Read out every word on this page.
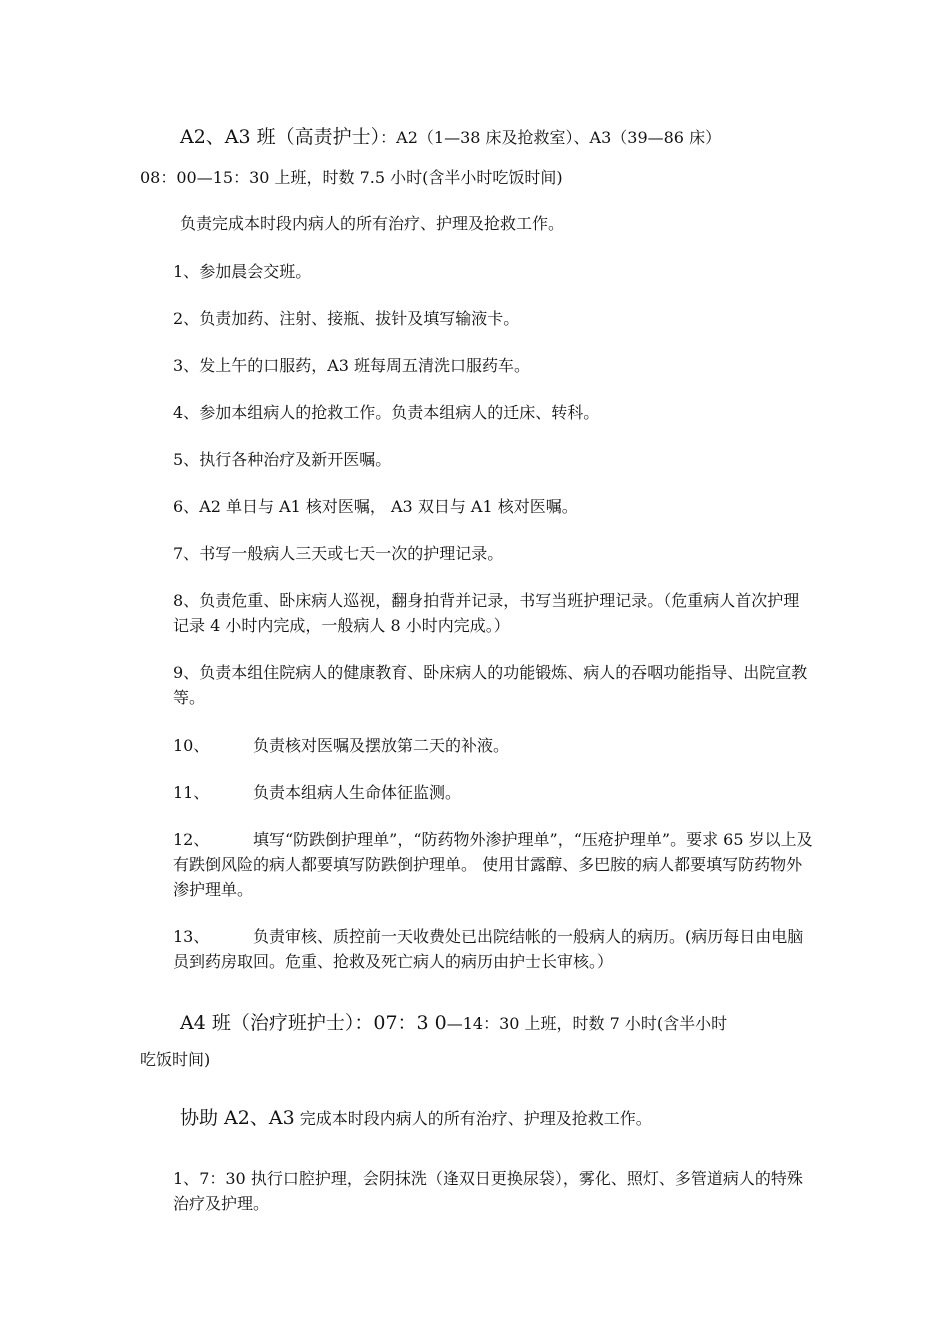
A2、A3 班（高责护士）：A2（1—38 床及抢救室）、A3（39—86 床）
08：00—15：30 上班，时数 7.5 小时(含半小时吃饭时间)
负责完成本时段内病人的所有治疗、护理及抢救工作。
1、参加晨会交班。
2、负责加药、注射、接瓶、拔针及填写输液卡。
3、发上午的口服药，A3 班每周五清洗口服药车。
4、参加本组病人的抢救工作。负责本组病人的迁床、转科。
5、执行各种治疗及新开医嘱。
6、A2 单日与 A1 核对医嘱， A3 双日与 A1 核对医嘱。
7、书写一般病人三天或七天一次的护理记录。
8、负责危重、卧床病人巡视，翻身拍背并记录，书写当班护理记录。（危重病人首次护理记录 4 小时内完成，一般病人 8 小时内完成。）
9、负责本组住院病人的健康教育、卧床病人的功能锻炼、病人的吞咽功能指导、出院宣教等。
10、	负责核对医嘱及摆放第二天的补液。
11、	负责本组病人生命体征监测。
12、	填写“防跌倒护理单”，“防药物外渗护理单”，“压疮护理单”。要求 65 岁以上及有跌倒风险的病人都要填写防跌倒护理单。 使用甘露醇、多巴胺的病人都要填写防药物外渗护理单。
13、	负责审核、质控前一天收费处已出院结帐的一般病人的病历。(病历每日由电脑员到药房取回。危重、抢救及死亡病人的病历由护士长审核。）
A4 班（治疗班护士）：07：3 0—14：30 上班，时数 7 小时(含半小时
吃饭时间)
协助 A2、A3 完成本时段内病人的所有治疗、护理及抢救工作。
1、7：30 执行口腔护理，会阴抹洗（逢双日更换尿袋），雾化、照灯、多管道病人的特殊治疗及护理。
